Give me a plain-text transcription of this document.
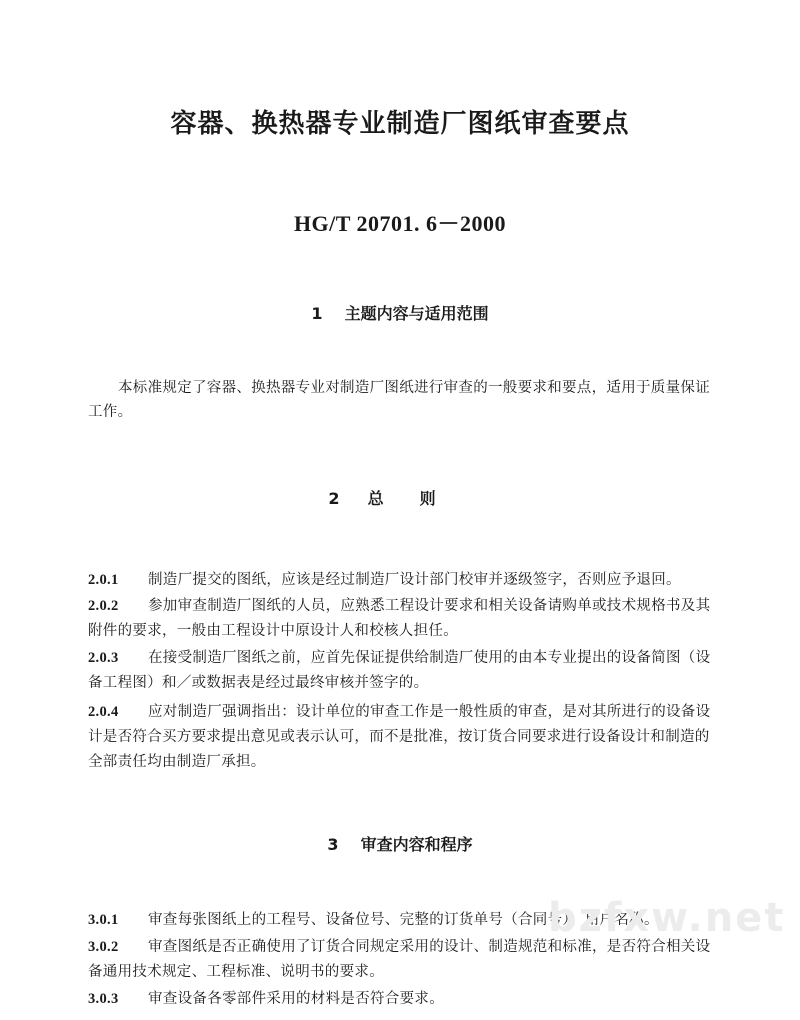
容器、换热器专业制造厂图纸审查要点
HG/T 20701. 6－2000
1 主题内容与适用范围
本标准规定了容器、换热器专业对制造厂图纸进行审查的一般要求和要点，适用于质量保证工作。
2 总则
2.0.1 制造厂提交的图纸，应该是经过制造厂设计部门校审并逐级签字，否则应予退回。
2.0.2 参加审查制造厂图纸的人员，应熟悉工程设计要求和相关设备请购单或技术规格书及其附件的要求，一般由工程设计中原设计人和校核人担任。
2.0.3 在接受制造厂图纸之前，应首先保证提供给制造厂使用的由本专业提出的设备简图（设备工程图）和／或数据表是经过最终审核并签字的。
2.0.4 应对制造厂强调指出：设计单位的审查工作是一般性质的审查，是对其所进行的设备设计是否符合买方要求提出意见或表示认可，而不是批准，按订货合同要求进行设备设计和制造的全部责任均由制造厂承担。
3 审查内容和程序
3.0.1 审查每张图纸上的工程号、设备位号、完整的订货单号（合同号）、用户名称。
3.0.2 审查图纸是否正确使用了订货合同规定采用的设计、制造规范和标准，是否符合相关设备通用技术规定、工程标准、说明书的要求。
3.0.3 审查设备各零部件采用的材料是否符合要求。
bzfxw.net
